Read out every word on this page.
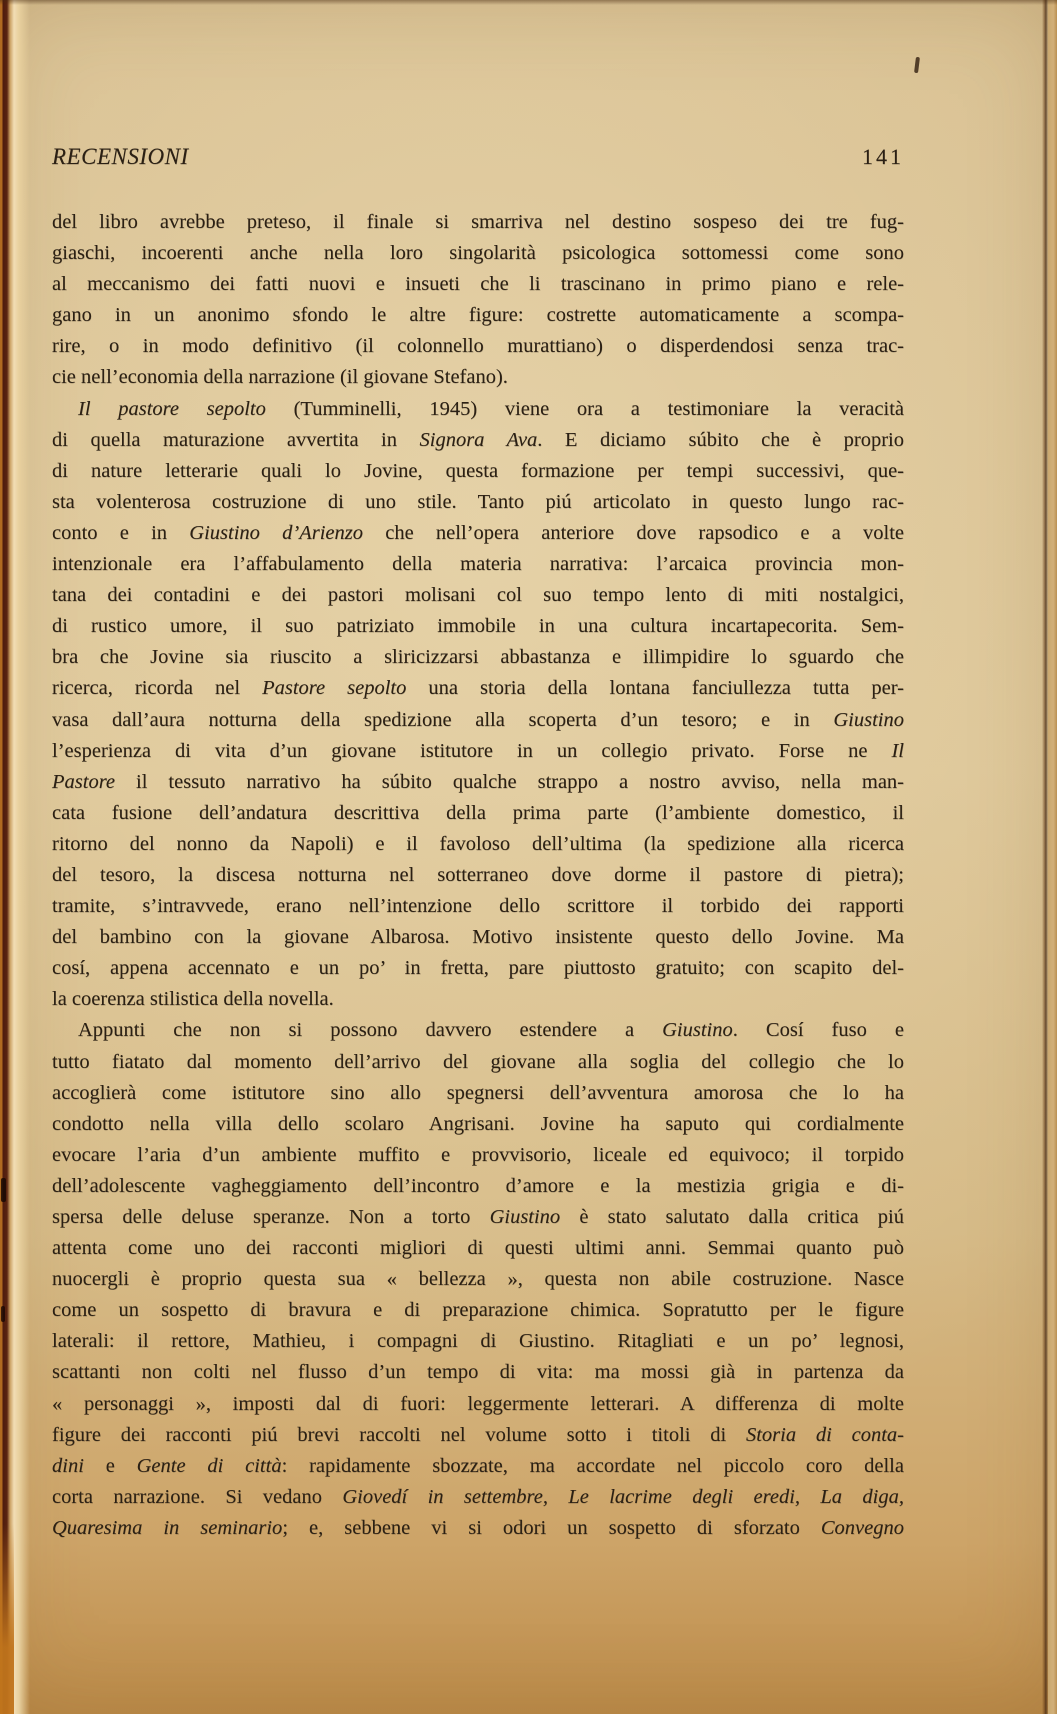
RECENSIONI	141
del libro avrebbe preteso, il finale si smarriva nel destino sospeso dei tre fug-
giaschi, incoerenti anche nella loro singolarità psicologica sottomessi come sono
al meccanismo dei fatti nuovi e insueti che li trascinano in primo piano e rele-
gano in un anonimo sfondo le altre figure: costrette automaticamente a scompa-
rire, o in modo definitivo (il colonnello murattiano) o disperdendosi senza trac-
cie nell’economia della narrazione (il giovane Stefano).
Il pastore sepolto (Tumminelli, 1945) viene ora a testimoniare la veracità
di quella maturazione avvertita in Signora Ava. E diciamo súbito che è proprio
di nature letterarie quali lo Jovine, questa formazione per tempi successivi, que-
sta volenterosa costruzione di uno stile. Tanto piú articolato in questo lungo rac-
conto e in Giustino d’Arienzo che nell’opera anteriore dove rapsodico e a volte
intenzionale era l’affabulamento della materia narrativa: l’arcaica provincia mon-
tana dei contadini e dei pastori molisani col suo tempo lento di miti nostalgici,
di rustico umore, il suo patriziato immobile in una cultura incartapecorita. Sem-
bra che Jovine sia riuscito a sliricizzarsi abbastanza e illimpidire lo sguardo che
ricerca, ricorda nel Pastore sepolto una storia della lontana fanciullezza tutta per-
vasa dall’aura notturna della spedizione alla scoperta d’un tesoro; e in Giustino
l’esperienza di vita d’un giovane istitutore in un collegio privato. Forse ne Il
Pastore il tessuto narrativo ha súbito qualche strappo a nostro avviso, nella man-
cata fusione dell’andatura descrittiva della prima parte (l’ambiente domestico, il
ritorno del nonno da Napoli) e il favoloso dell’ultima (la spedizione alla ricerca
del tesoro, la discesa notturna nel sotterraneo dove dorme il pastore di pietra);
tramite, s’intravvede, erano nell’intenzione dello scrittore il torbido dei rapporti
del bambino con la giovane Albarosa. Motivo insistente questo dello Jovine. Ma
cosí, appena accennato e un po’ in fretta, pare piuttosto gratuito; con scapito del-
la coerenza stilistica della novella.
Appunti che non si possono davvero estendere a Giustino. Cosí fuso e
tutto fiatato dal momento dell’arrivo del giovane alla soglia del collegio che lo
accoglierà come istitutore sino allo spegnersi dell’avventura amorosa che lo ha
condotto nella villa dello scolaro Angrisani. Jovine ha saputo qui cordialmente
evocare l’aria d’un ambiente muffito e provvisorio, liceale ed equivoco; il torpido
dell’adolescente vagheggiamento dell’incontro d’amore e la mestizia grigia e di-
spersa delle deluse speranze. Non a torto Giustino è stato salutato dalla critica piú
attenta come uno dei racconti migliori di questi ultimi anni. Semmai quanto può
nuocergli è proprio questa sua « bellezza », questa non abile costruzione. Nasce
come un sospetto di bravura e di preparazione chimica. Sopratutto per le figure
laterali: il rettore, Mathieu, i compagni di Giustino. Ritagliati e un po’ legnosi,
scattanti non colti nel flusso d’un tempo di vita: ma mossi già in partenza da
« personaggi », imposti dal di fuori: leggermente letterari. A differenza di molte
figure dei racconti piú brevi raccolti nel volume sotto i titoli di Storia di conta-
dini e Gente di città: rapidamente sbozzate, ma accordate nel piccolo coro della
corta narrazione. Si vedano Giovedí in settembre, Le lacrime degli eredi, La diga,
Quaresima in seminario; e, sebbene vi si odori un sospetto di sforzato Convegno
